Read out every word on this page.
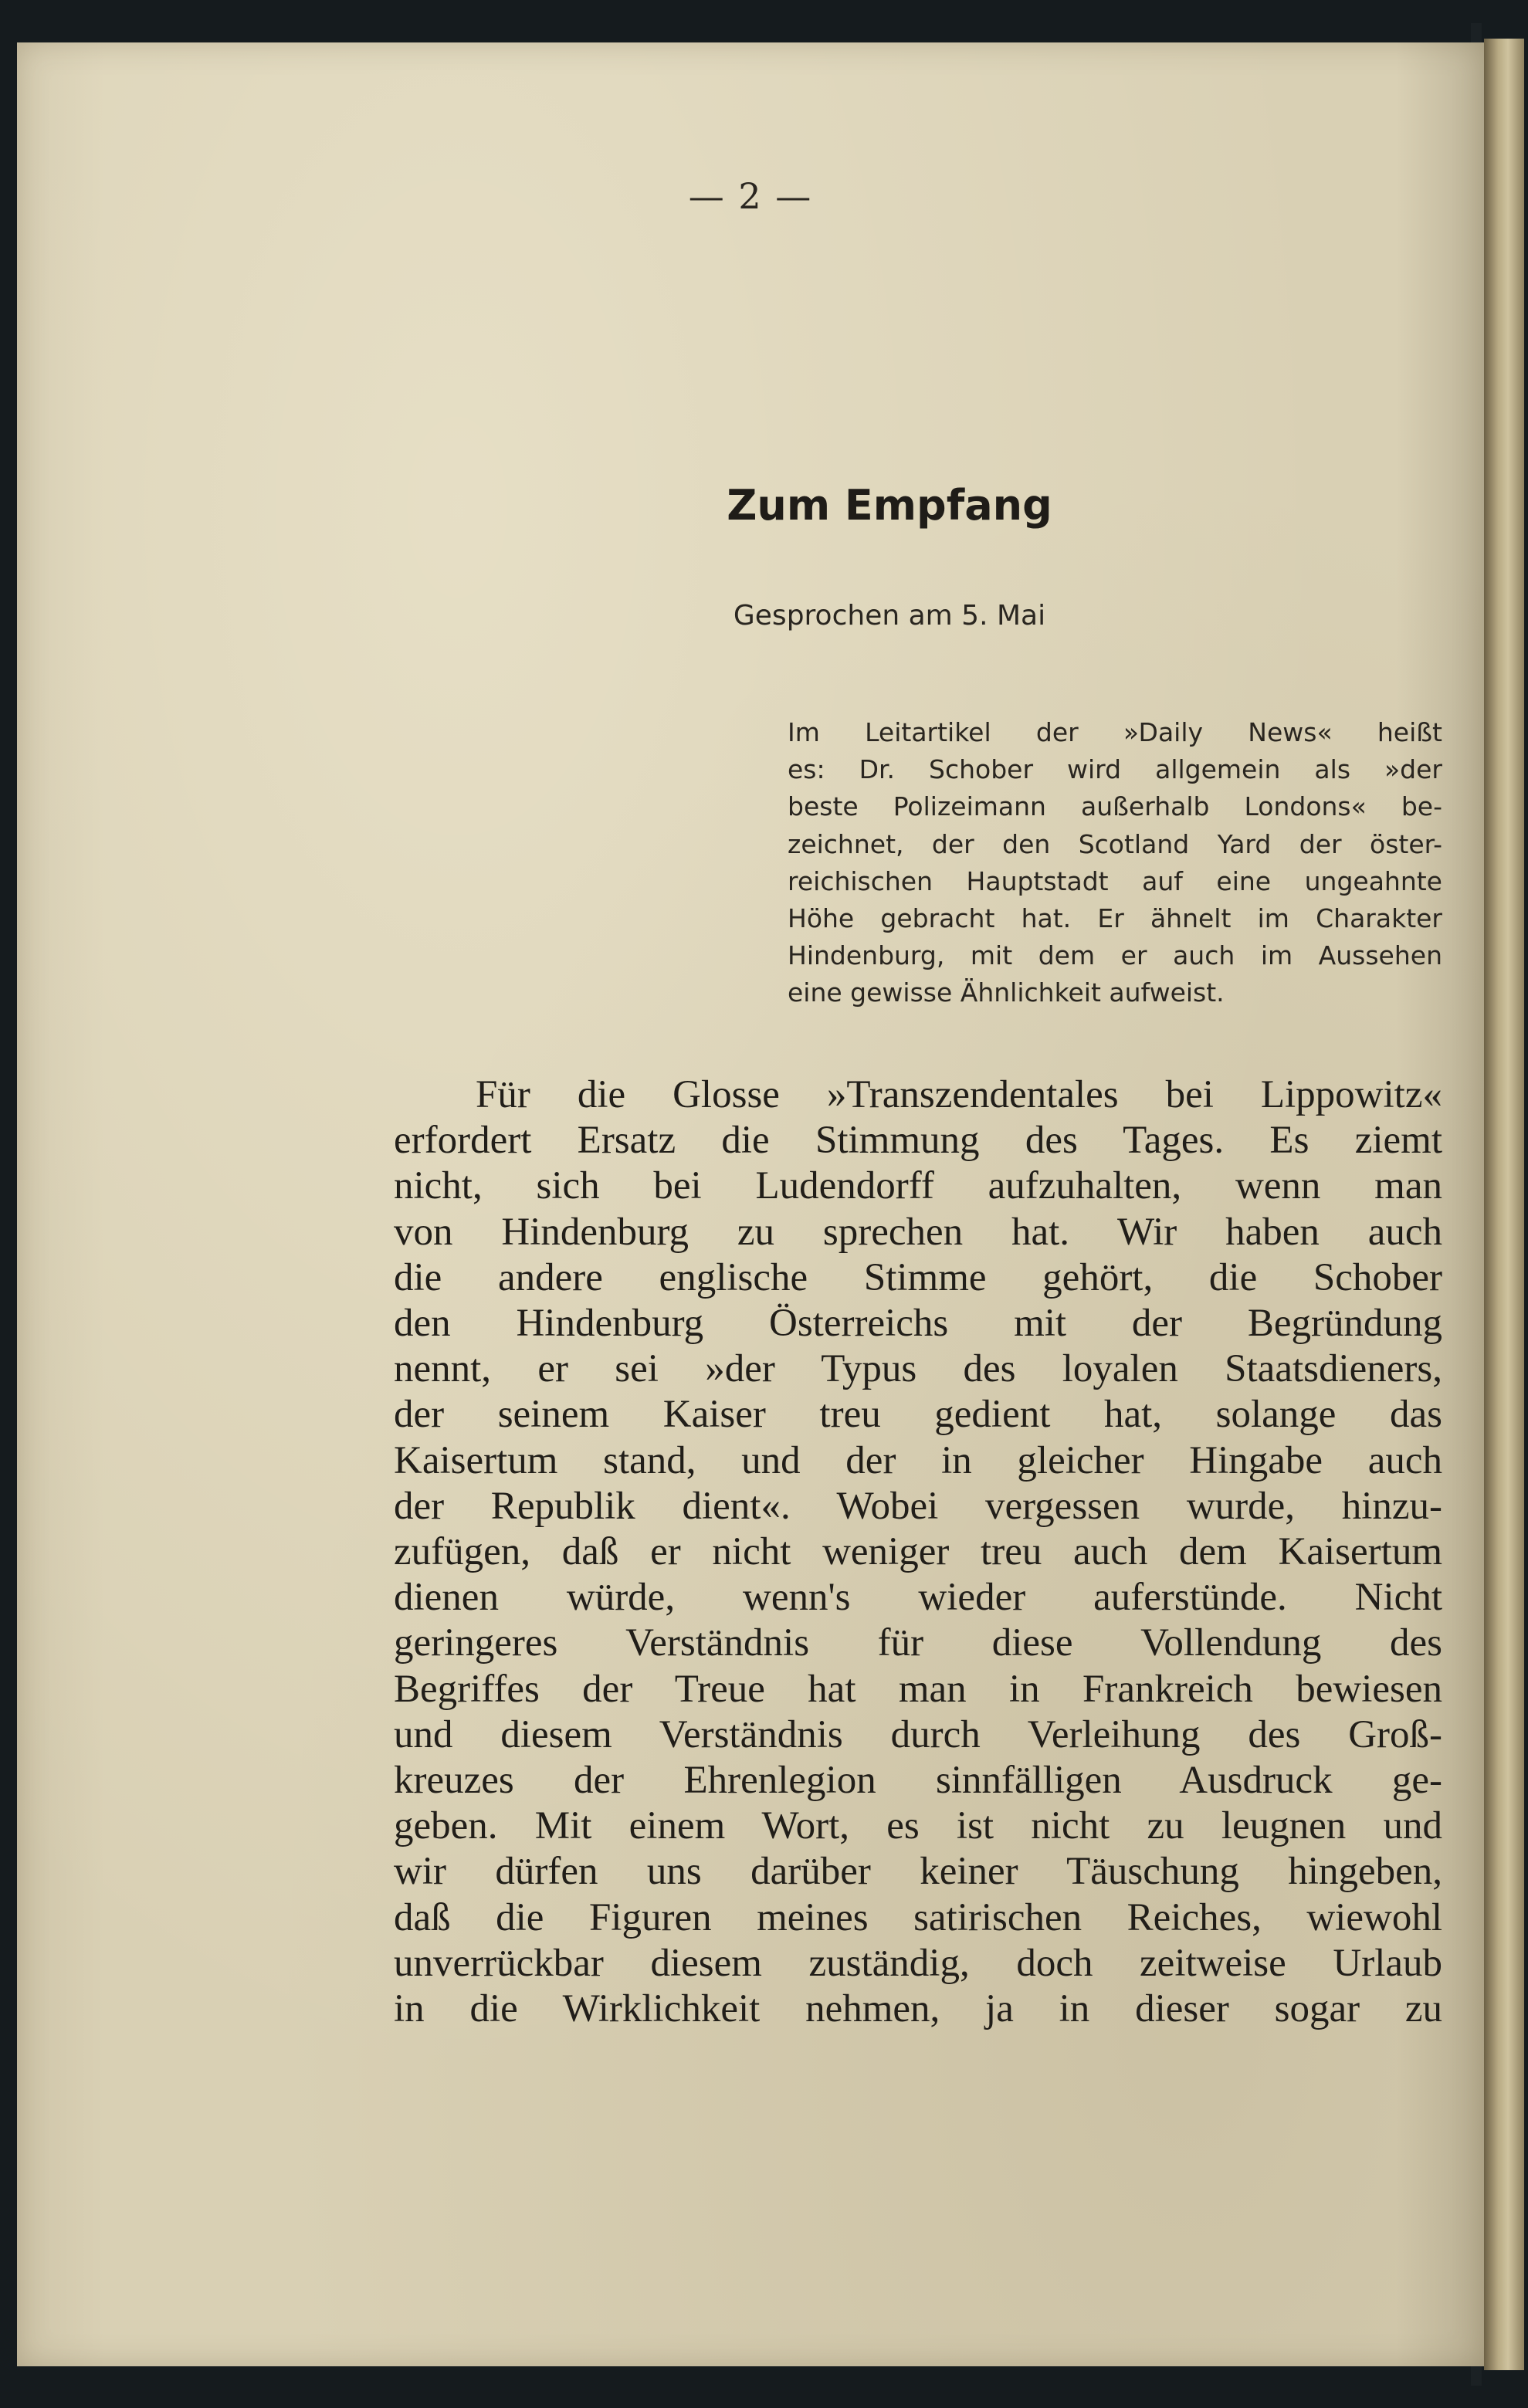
— 2 —
Zum Empfang
Gesprochen am 5. Mai
Im Leitartikel der »Daily News« heißt
es: Dr. Schober wird allgemein als »der
beste Polizeimann außerhalb Londons« be-
zeichnet, der den Scotland Yard der öster-
reichischen Hauptstadt auf eine ungeahnte
Höhe gebracht hat. Er ähnelt im Charakter
Hindenburg, mit dem er auch im Aussehen
eine gewisse Ähnlichkeit aufweist.
Für die Glosse »Transzendentales bei Lippowitz«
erfordert Ersatz die Stimmung des Tages. Es ziemt
nicht, sich bei Ludendorff aufzuhalten, wenn man
von Hindenburg zu sprechen hat. Wir haben auch
die andere englische Stimme gehört, die Schober
den Hindenburg Österreichs mit der Begründung
nennt, er sei »der Typus des loyalen Staatsdieners,
der seinem Kaiser treu gedient hat, solange das
Kaisertum stand, und der in gleicher Hingabe auch
der Republik dient«. Wobei vergessen wurde, hinzu-
zufügen, daß er nicht weniger treu auch dem Kaisertum
dienen würde, wenn's wieder auferstünde. Nicht
geringeres Verständnis für diese Vollendung des
Begriffes der Treue hat man in Frankreich bewiesen
und diesem Verständnis durch Verleihung des Groß-
kreuzes der Ehrenlegion sinnfälligen Ausdruck ge-
geben. Mit einem Wort, es ist nicht zu leugnen und
wir dürfen uns darüber keiner Täuschung hingeben,
daß die Figuren meines satirischen Reiches, wiewohl
unverrückbar diesem zuständig, doch zeitweise Urlaub
in die Wirklichkeit nehmen, ja in dieser sogar zu
